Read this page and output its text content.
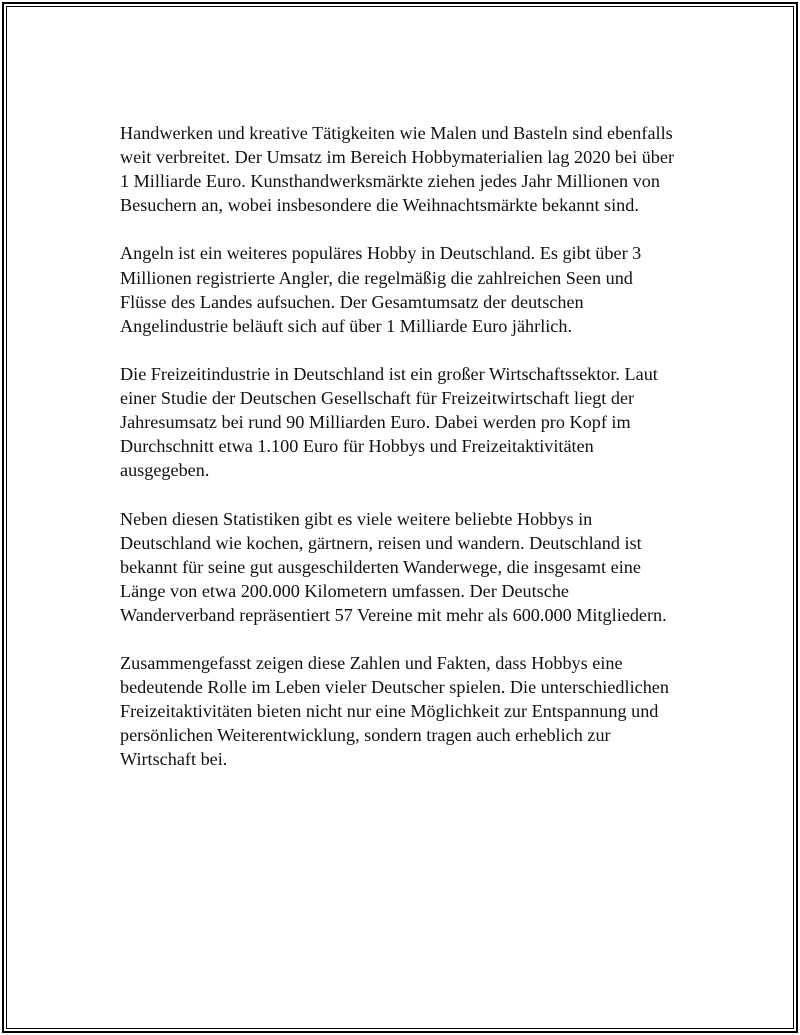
Handwerken und kreative Tätigkeiten wie Malen und Basteln sind ebenfalls
weit verbreitet. Der Umsatz im Bereich Hobbymaterialien lag 2020 bei über
1 Milliarde Euro. Kunsthandwerksmärkte ziehen jedes Jahr Millionen von
Besuchern an, wobei insbesondere die Weihnachtsmärkte bekannt sind.

Angeln ist ein weiteres populäres Hobby in Deutschland. Es gibt über 3
Millionen registrierte Angler, die regelmäßig die zahlreichen Seen und
Flüsse des Landes aufsuchen. Der Gesamtumsatz der deutschen
Angelindustrie beläuft sich auf über 1 Milliarde Euro jährlich.

Die Freizeitindustrie in Deutschland ist ein großer Wirtschaftssektor. Laut
einer Studie der Deutschen Gesellschaft für Freizeitwirtschaft liegt der
Jahresumsatz bei rund 90 Milliarden Euro. Dabei werden pro Kopf im
Durchschnitt etwa 1.100 Euro für Hobbys und Freizeitaktivitäten
ausgegeben.

Neben diesen Statistiken gibt es viele weitere beliebte Hobbys in
Deutschland wie kochen, gärtnern, reisen und wandern. Deutschland ist
bekannt für seine gut ausgeschilderten Wanderwege, die insgesamt eine
Länge von etwa 200.000 Kilometern umfassen. Der Deutsche
Wanderverband repräsentiert 57 Vereine mit mehr als 600.000 Mitgliedern.

Zusammengefasst zeigen diese Zahlen und Fakten, dass Hobbys eine
bedeutende Rolle im Leben vieler Deutscher spielen. Die unterschiedlichen
Freizeitaktivitäten bieten nicht nur eine Möglichkeit zur Entspannung und
persönlichen Weiterentwicklung, sondern tragen auch erheblich zur
Wirtschaft bei.
